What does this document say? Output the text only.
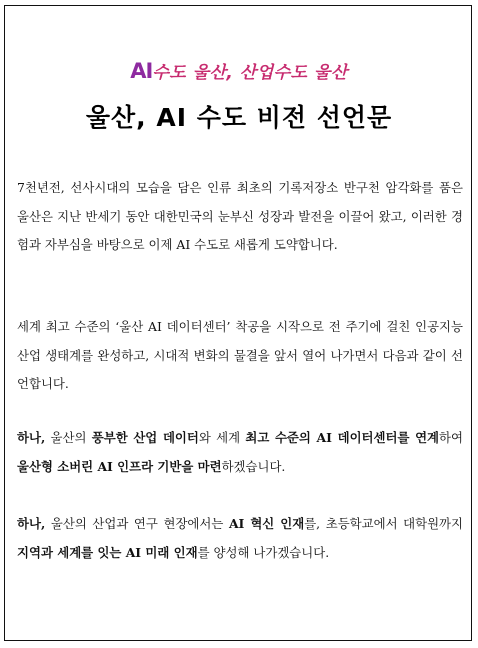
AI수도 울산, 산업수도 울산
울산, AI 수도 비전 선언문

7천년전, 선사시대의 모습을 담은 인류 최초의 기록저장소 반구천 암각화를 품은 울산은 지난 반세기 동안 대한민국의 눈부신 성장과 발전을 이끌어 왔고, 이러한 경험과 자부심을 바탕으로 이제 AI 수도로 새롭게 도약합니다.

세계 최고 수준의 ‘울산 AI 데이터센터’ 착공을 시작으로 전 주기에 걸친 인공지능 산업 생태계를 완성하고, 시대적 변화의 물결을 앞서 열어 나가면서 다음과 같이 선언합니다.

하나, 울산의 풍부한 산업 데이터와 세계 최고 수준의 AI 데이터센터를 연계하여 울산형 소버린 AI 인프라 기반을 마련하겠습니다.

하나, 울산의 산업과 연구 현장에서는 AI 혁신 인재를, 초등학교에서 대학원까지 지역과 세계를 잇는 AI 미래 인재를 양성해 나가겠습니다.
